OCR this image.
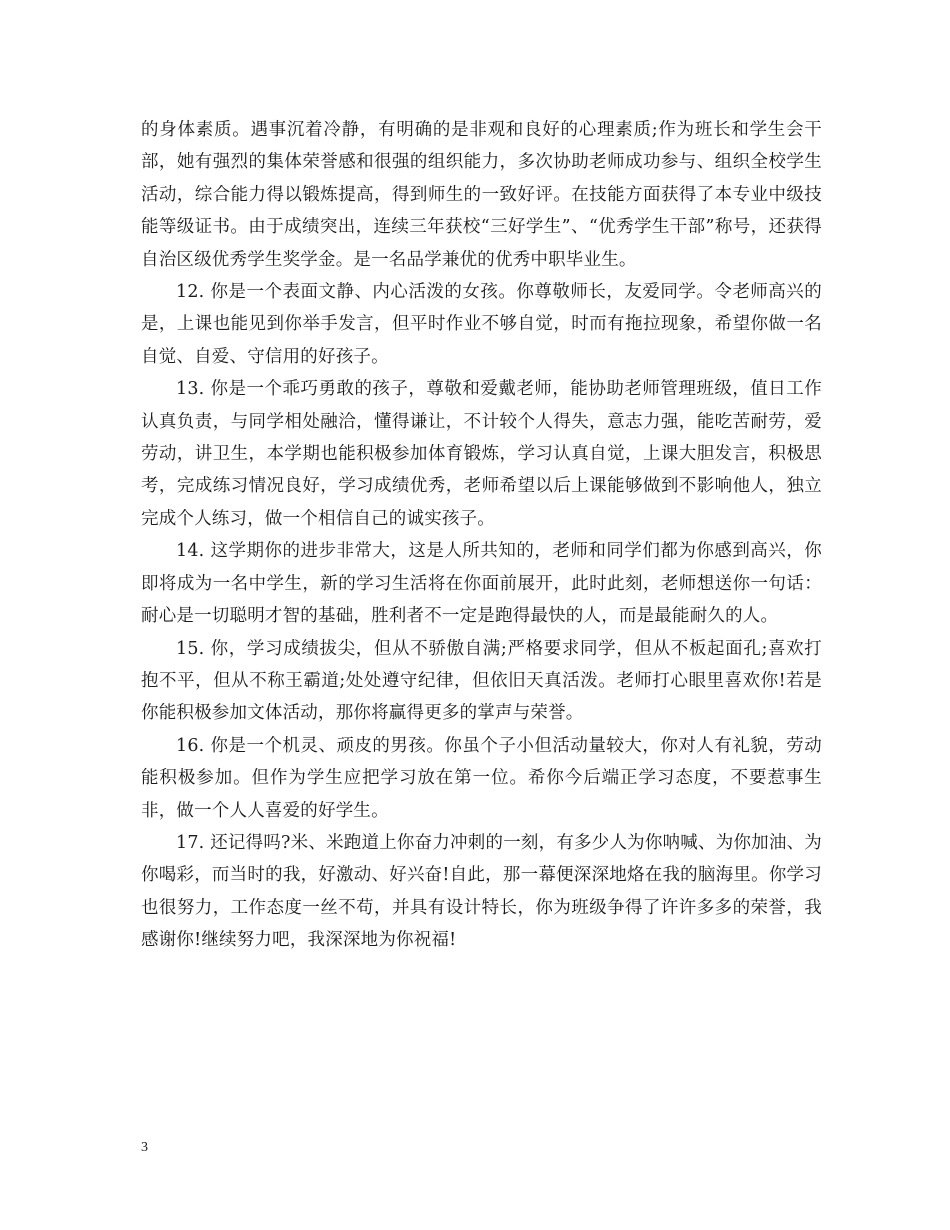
的身体素质。遇事沉着冷静，有明确的是非观和良好的心理素质;作为班长和学生会干部，她有强烈的集体荣誉感和很强的组织能力，多次协助老师成功参与、组织全校学生活动，综合能力得以锻炼提高，得到师生的一致好评。在技能方面获得了本专业中级技能等级证书。由于成绩突出，连续三年获校“三好学生”、“优秀学生干部”称号，还获得自治区级优秀学生奖学金。是一名品学兼优的优秀中职毕业生。

12. 你是一个表面文静、内心活泼的女孩。你尊敬师长，友爱同学。令老师高兴的是，上课也能见到你举手发言，但平时作业不够自觉，时而有拖拉现象，希望你做一名自觉、自爱、守信用的好孩子。

13. 你是一个乖巧勇敢的孩子，尊敬和爱戴老师，能协助老师管理班级，值日工作认真负责，与同学相处融洽，懂得谦让，不计较个人得失，意志力强，能吃苦耐劳，爱劳动，讲卫生，本学期也能积极参加体育锻炼，学习认真自觉，上课大胆发言，积极思考，完成练习情况良好，学习成绩优秀，老师希望以后上课能够做到不影响他人，独立完成个人练习，做一个相信自己的诚实孩子。

14. 这学期你的进步非常大，这是人所共知的，老师和同学们都为你感到高兴，你即将成为一名中学生，新的学习生活将在你面前展开，此时此刻，老师想送你一句话：耐心是一切聪明才智的基础，胜利者不一定是跑得最快的人，而是最能耐久的人。

15. 你，学习成绩拔尖，但从不骄傲自满;严格要求同学，但从不板起面孔;喜欢打抱不平，但从不称王霸道;处处遵守纪律，但依旧天真活泼。老师打心眼里喜欢你!若是你能积极参加文体活动，那你将赢得更多的掌声与荣誉。

16. 你是一个机灵、顽皮的男孩。你虽个子小但活动量较大，你对人有礼貌，劳动能积极参加。但作为学生应把学习放在第一位。希你今后端正学习态度，不要惹事生非，做一个人人喜爱的好学生。

17. 还记得吗?米、米跑道上你奋力冲刺的一刻，有多少人为你呐喊、为你加油、为你喝彩，而当时的我，好激动、好兴奋!自此，那一幕便深深地烙在我的脑海里。你学习也很努力，工作态度一丝不苟，并具有设计特长，你为班级争得了许许多多的荣誉，我感谢你!继续努力吧，我深深地为你祝福!

3
